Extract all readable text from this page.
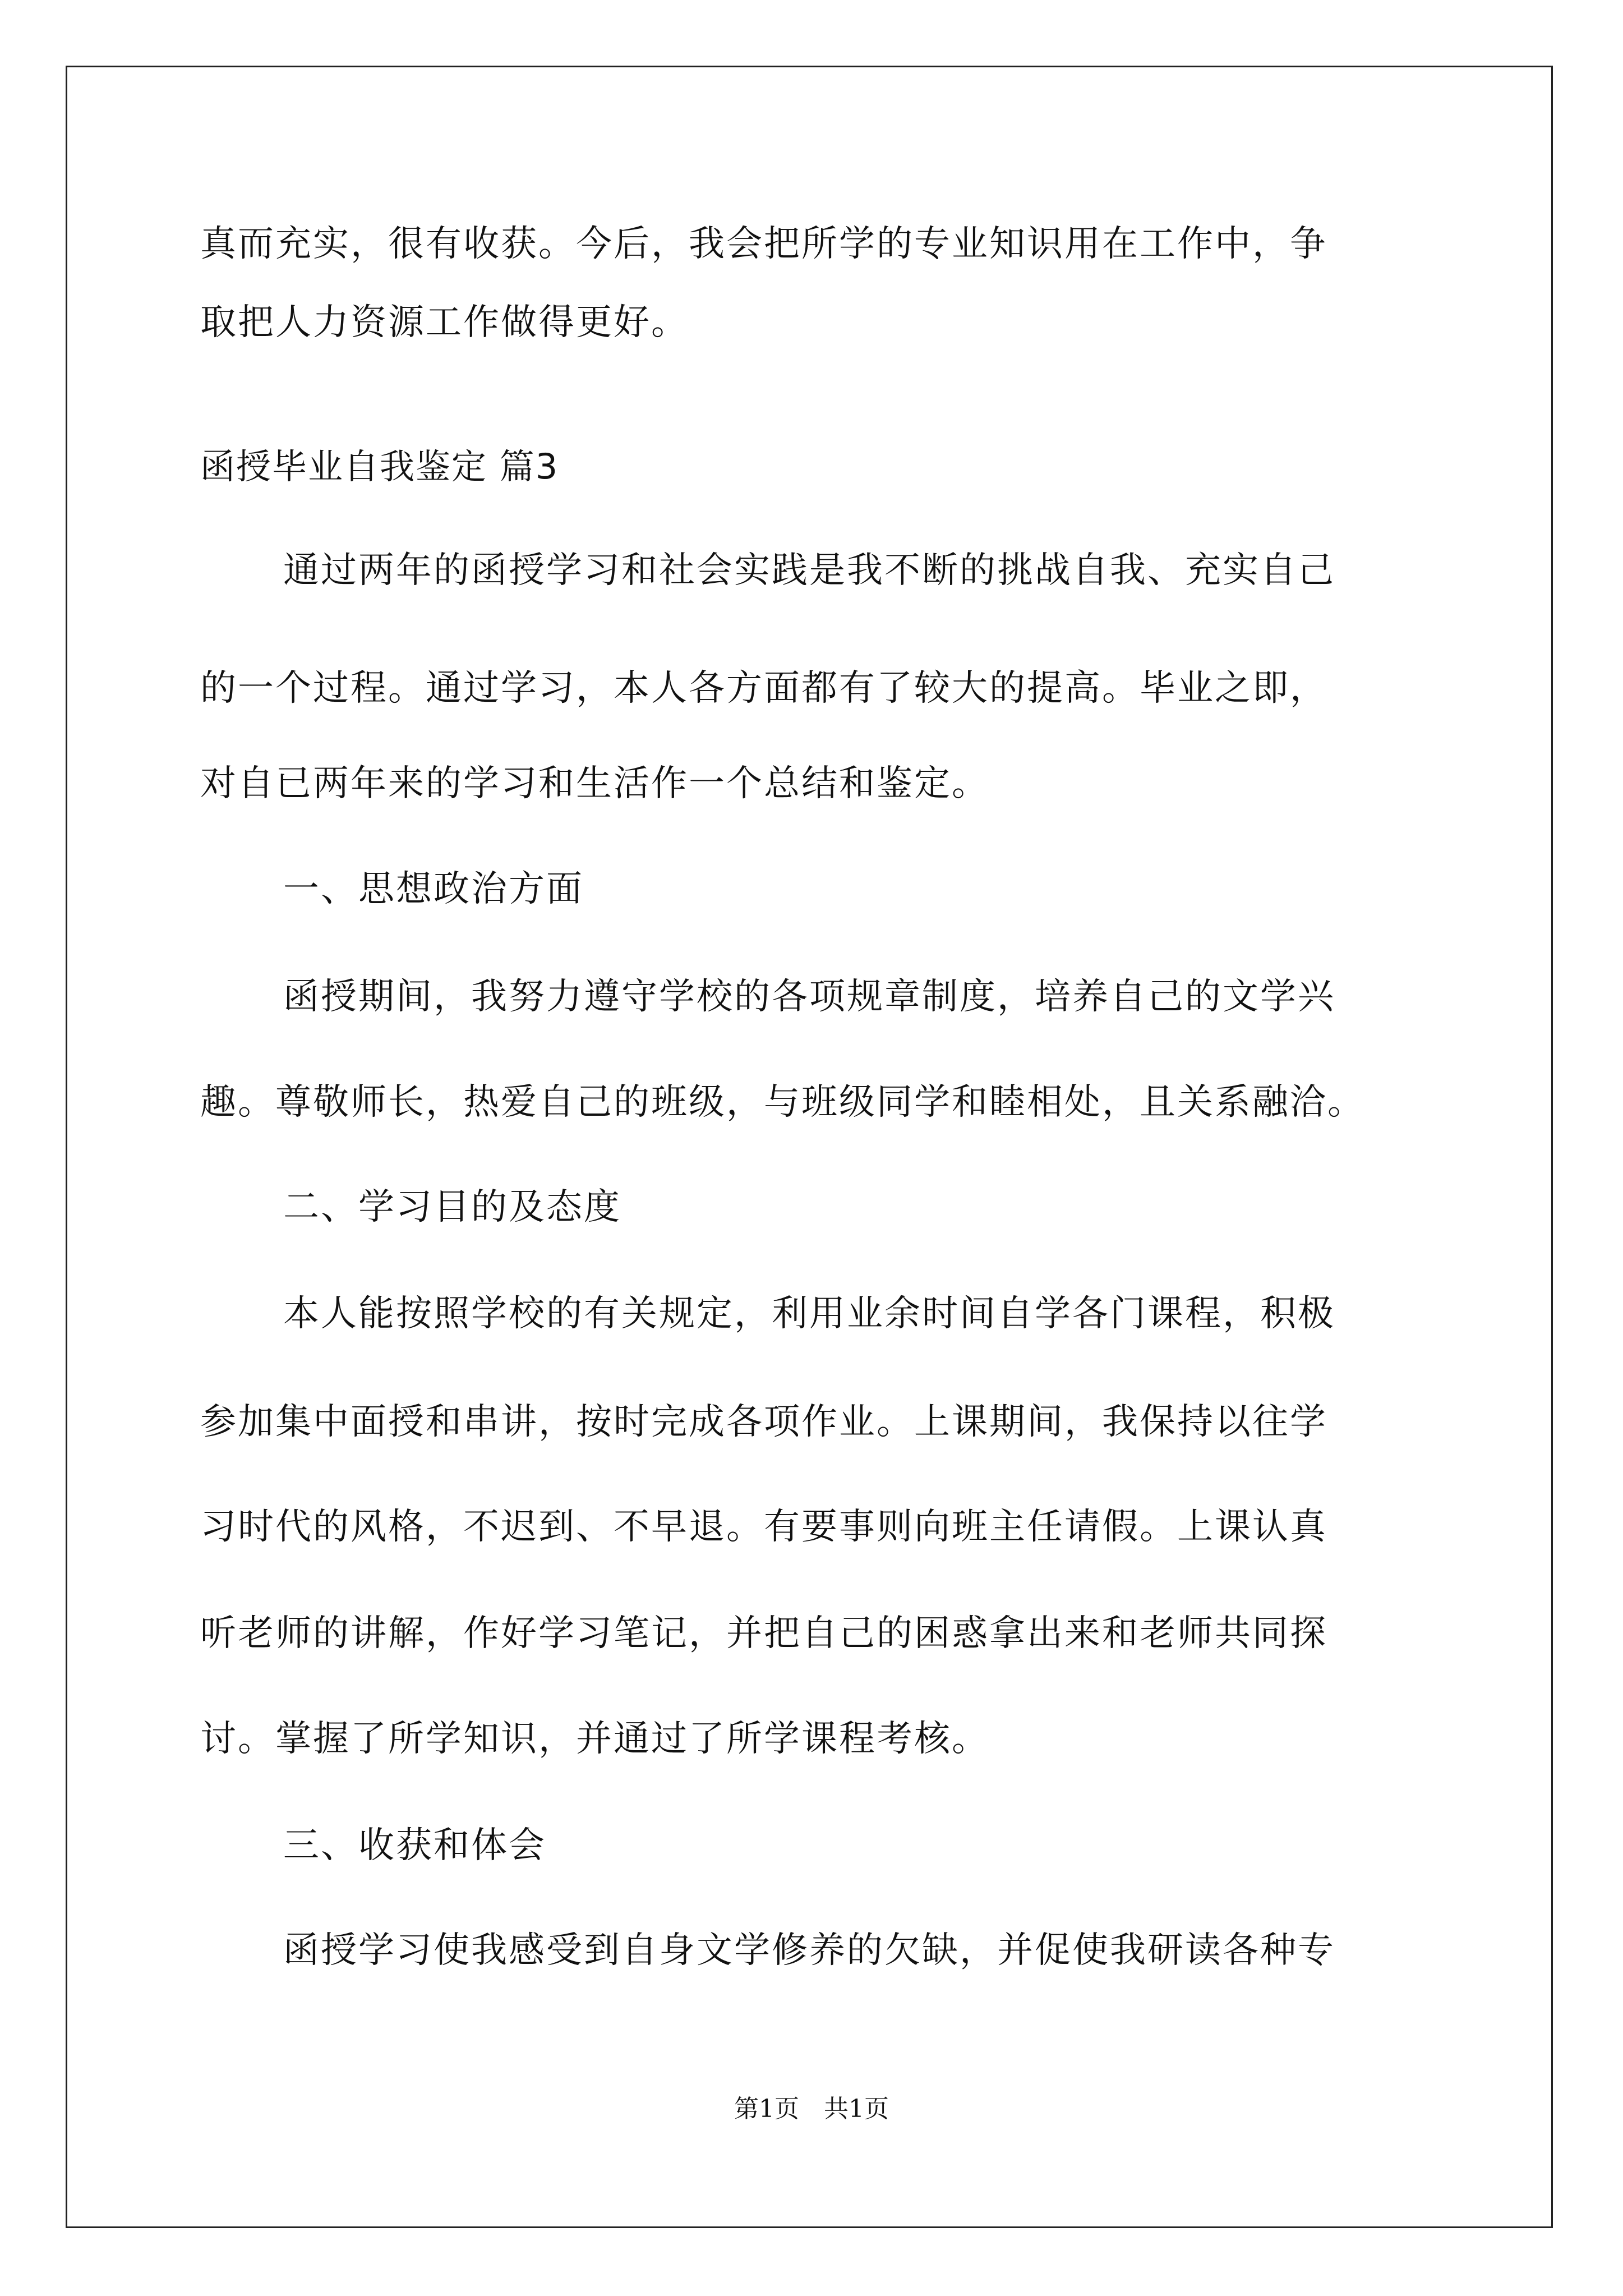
真而充实，很有收获。今后，我会把所学的专业知识用在工作中，争
取把人力资源工作做得更好。
函授毕业自我鉴定 篇3
通过两年的函授学习和社会实践是我不断的挑战自我、充实自己
的一个过程。通过学习，本人各方面都有了较大的提高。毕业之即，
对自已两年来的学习和生活作一个总结和鉴定。
一、思想政治方面
函授期间，我努力遵守学校的各项规章制度，培养自己的文学兴
趣。尊敬师长，热爱自己的班级，与班级同学和睦相处，且关系融洽。
二、学习目的及态度
本人能按照学校的有关规定，利用业余时间自学各门课程，积极
参加集中面授和串讲，按时完成各项作业。上课期间，我保持以往学
习时代的风格，不迟到、不早退。有要事则向班主任请假。上课认真
听老师的讲解，作好学习笔记，并把自己的困惑拿出来和老师共同探
讨。掌握了所学知识，并通过了所学课程考核。
三、收获和体会
函授学习使我感受到自身文学修养的欠缺，并促使我研读各种专
第1页　共1页
